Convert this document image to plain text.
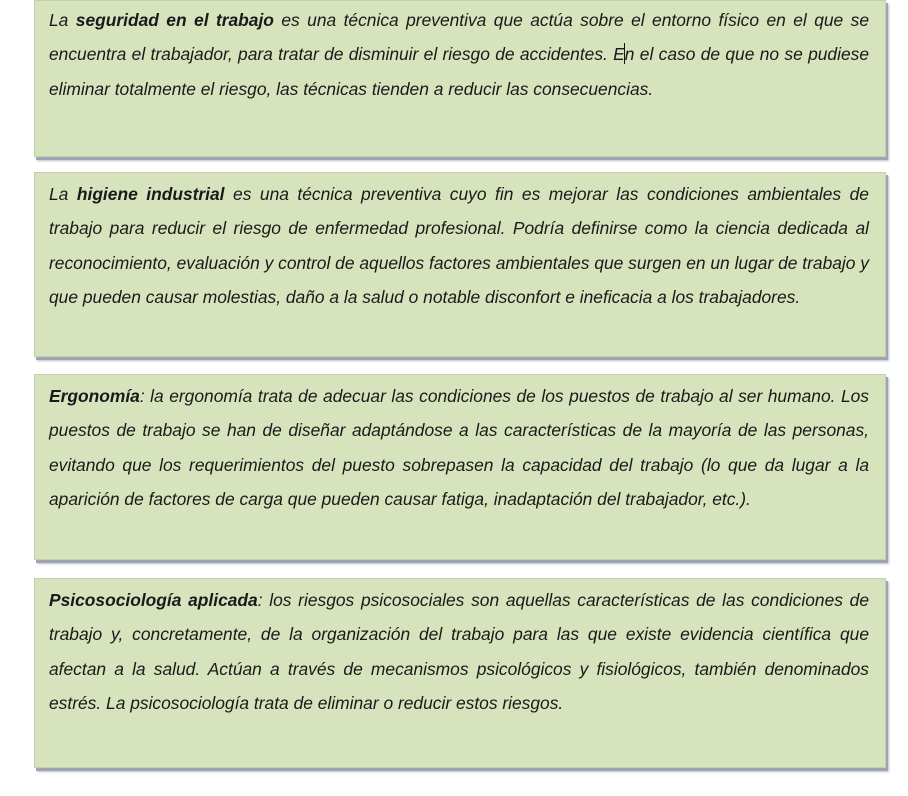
La seguridad en el trabajo es una técnica preventiva que actúa sobre el entorno físico en el que se encuentra el trabajador, para tratar de disminuir el riesgo de accidentes. En el caso de que no se pudiese eliminar totalmente el riesgo, las técnicas tienden a reducir las consecuencias.

La higiene industrial es una técnica preventiva cuyo fin es mejorar las condiciones ambientales de trabajo para reducir el riesgo de enfermedad profesional. Podría definirse como la ciencia dedicada al reconocimiento, evaluación y control de aquellos factores ambientales que surgen en un lugar de trabajo y que pueden causar molestias, daño a la salud o notable disconfort e ineficacia a los trabajadores.

Ergonomía: la ergonomía trata de adecuar las condiciones de los puestos de trabajo al ser humano. Los puestos de trabajo se han de diseñar adaptándose a las características de la mayoría de las personas, evitando que los requerimientos del puesto sobrepasen la capacidad del trabajo (lo que da lugar a la aparición de factores de carga que pueden causar fatiga, inadaptación del trabajador, etc.).

Psicosociología aplicada: los riesgos psicosociales son aquellas características de las condiciones de trabajo y, concretamente, de la organización del trabajo para las que existe evidencia científica que afectan a la salud. Actúan a través de mecanismos psicológicos y fisiológicos, también denominados estrés. La psicosociología trata de eliminar o reducir estos riesgos.
